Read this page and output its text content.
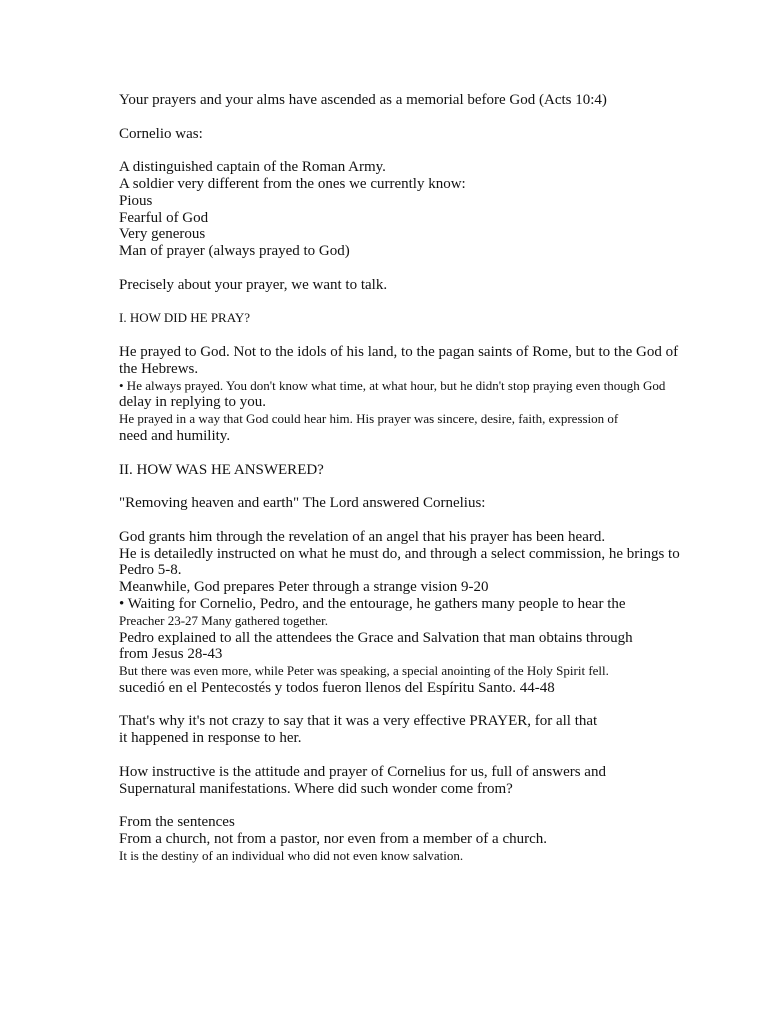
Your prayers and your alms have ascended as a memorial before God (Acts 10:4)
Cornelio was:
A distinguished captain of the Roman Army.
A soldier very different from the ones we currently know:
Pious
Fearful of God
Very generous
Man of prayer (always prayed to God)
Precisely about your prayer, we want to talk.
I. HOW DID HE PRAY?
He prayed to God. Not to the idols of his land, to the pagan saints of Rome, but to the God of
the Hebrews.
• He always prayed. You don't know what time, at what hour, but he didn't stop praying even though God
delay in replying to you.
He prayed in a way that God could hear him. His prayer was sincere, desire, faith, expression of
need and humility.
II. HOW WAS HE ANSWERED?
"Removing heaven and earth" The Lord answered Cornelius:
God grants him through the revelation of an angel that his prayer has been heard.
He is detailedly instructed on what he must do, and through a select commission, he brings to
Pedro 5-8.
Meanwhile, God prepares Peter through a strange vision 9-20
• Waiting for Cornelio, Pedro, and the entourage, he gathers many people to hear the
Preacher 23-27 Many gathered together.
Pedro explained to all the attendees the Grace and Salvation that man obtains through
from Jesus 28-43
But there was even more, while Peter was speaking, a special anointing of the Holy Spirit fell.
sucedió en el Pentecostés y todos fueron llenos del Espíritu Santo. 44-48
That's why it's not crazy to say that it was a very effective PRAYER, for all that
it happened in response to her.
How instructive is the attitude and prayer of Cornelius for us, full of answers and
Supernatural manifestations. Where did such wonder come from?
From the sentences
From a church, not from a pastor, nor even from a member of a church.
It is the destiny of an individual who did not even know salvation.
